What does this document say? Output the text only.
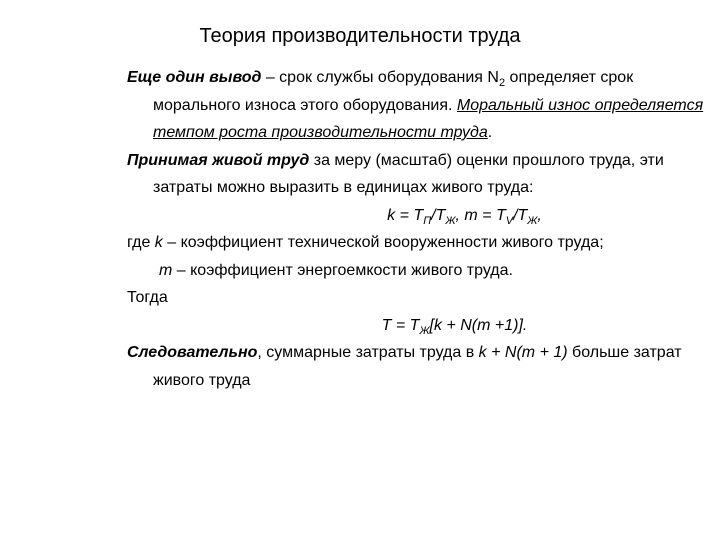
Теория производительности труда

Еще один вывод – срок службы оборудования $N_2$ определяет срок морального износа этого оборудования. Моральный износ определяется темпом роста производительности труда.

Принимая живой труд за меру (масштаб) оценки прошлого труда, эти затраты можно выразить в единицах живого труда:

$k = T_П/T_Ж$, $m = T_V/T_Ж$,

где k – коэффициент технической вооруженности живого труда;

m – коэффициент энергоемкости живого труда.

Тогда

$T = T_Ж[k + N(m +1)]$.

Следовательно, суммарные затраты труда в k + N(m + 1) больше затрат живого труда
